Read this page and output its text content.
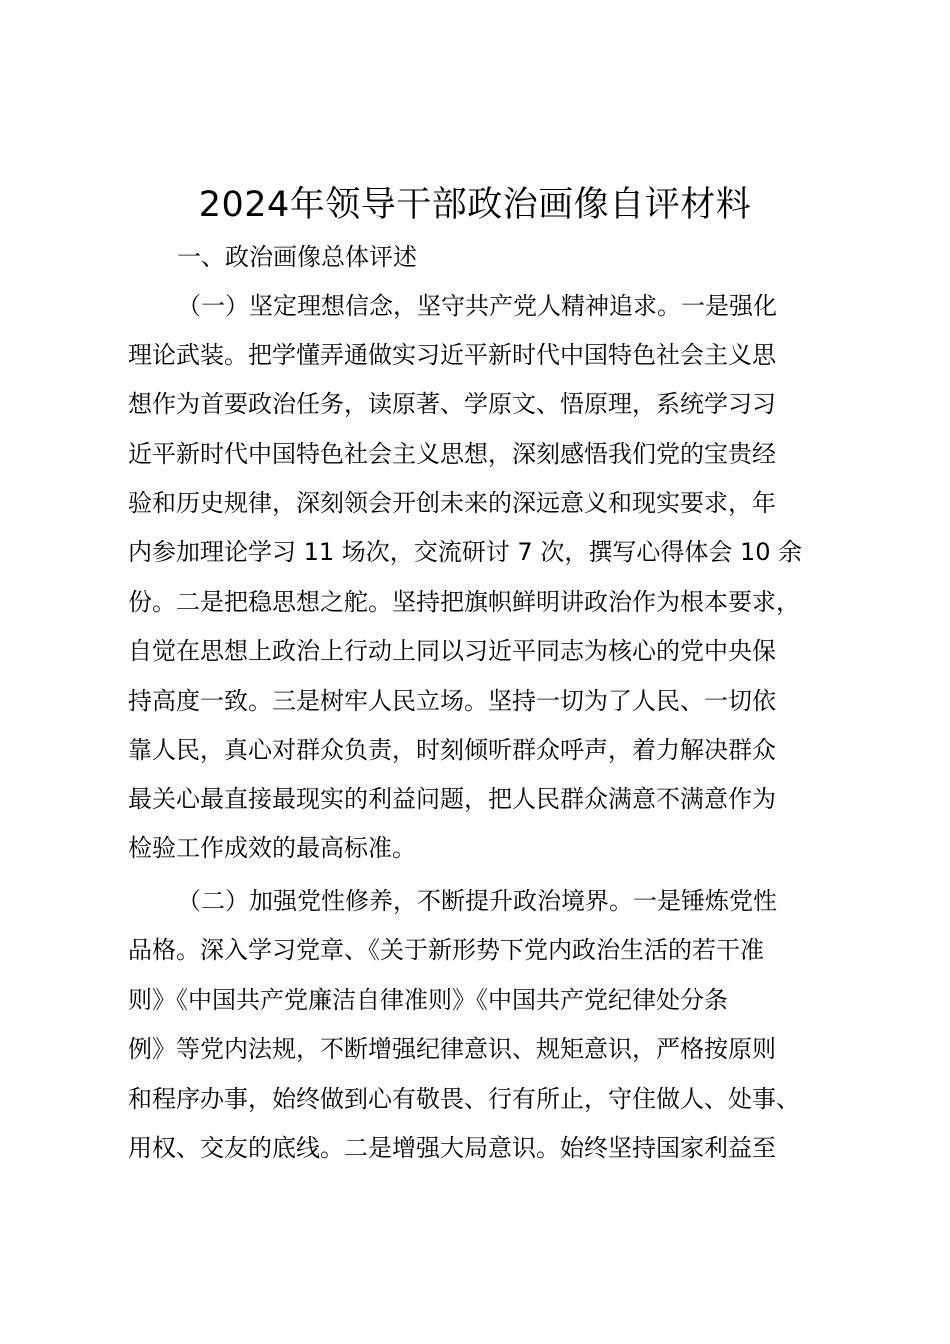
2024年领导干部政治画像自评材料
一、政治画像总体评述
（一）坚定理想信念，坚守共产党人精神追求。一是强化
理论武装。把学懂弄通做实习近平新时代中国特色社会主义思
想作为首要政治任务，读原著、学原文、悟原理，系统学习习
近平新时代中国特色社会主义思想，深刻感悟我们党的宝贵经
验和历史规律，深刻领会开创未来的深远意义和现实要求，年
内参加理论学习 11 场次，交流研讨 7 次，撰写心得体会 10 余
份。二是把稳思想之舵。坚持把旗帜鲜明讲政治作为根本要求，
自觉在思想上政治上行动上同以习近平同志为核心的党中央保
持高度一致。三是树牢人民立场。坚持一切为了人民、一切依
靠人民，真心对群众负责，时刻倾听群众呼声，着力解决群众
最关心最直接最现实的利益问题，把人民群众满意不满意作为
检验工作成效的最高标准。
（二）加强党性修养，不断提升政治境界。一是锤炼党性
品格。深入学习党章、《关于新形势下党内政治生活的若干准
则》《中国共产党廉洁自律准则》《中国共产党纪律处分条
例》等党内法规，不断增强纪律意识、规矩意识，严格按原则
和程序办事，始终做到心有敬畏、行有所止，守住做人、处事、
用权、交友的底线。二是增强大局意识。始终坚持国家利益至
